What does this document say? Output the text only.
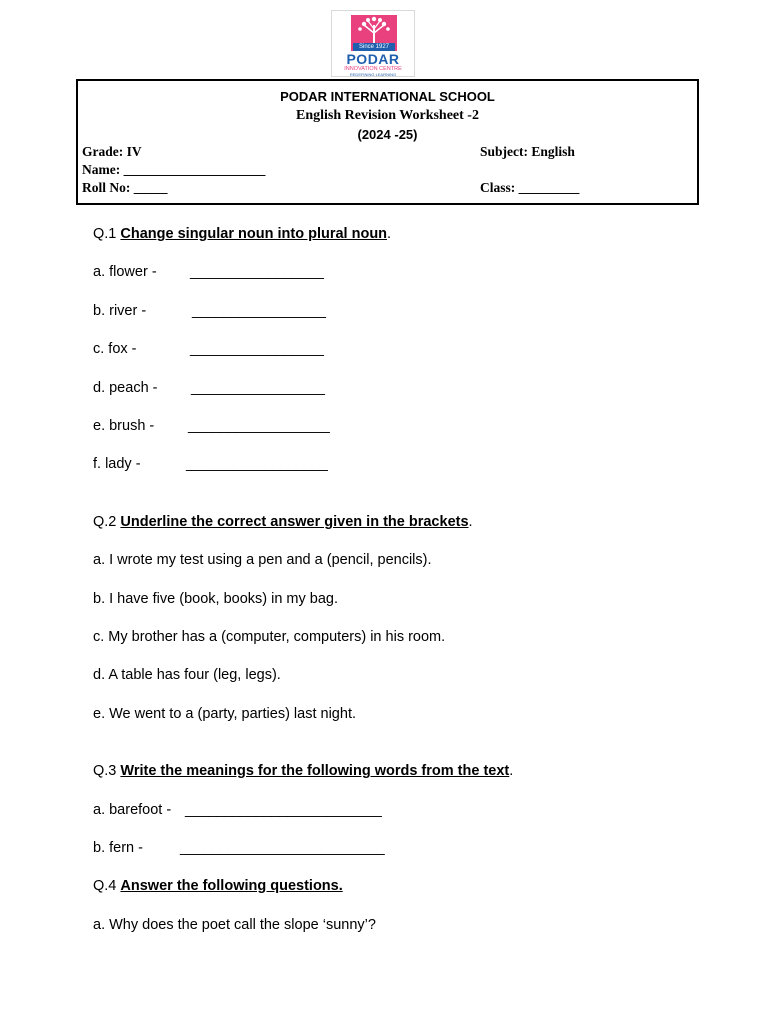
Since 1927
PODAR
INNOVATION CENTRE
REDEFINING LEARNING
PODAR INTERNATIONAL SCHOOL
English Revision Worksheet -2
(2024 -25)
Grade: IV	Subject: English
Name: _____________________
Roll No: _____	Class: _________
Q.1 Change singular noun into plural noun.
a. flower - _________________
b. river -	_________________
c. fox -	_________________
d. peach - _________________
e. brush - __________________
f. lady -	__________________
Q.2 Underline the correct answer given in the brackets.
a. I wrote my test using a pen and a (pencil, pencils).
b. I have five (book, books) in my bag.
c. My brother has a (computer, computers) in his room.
d. A table has four (leg, legs).
e. We went to a (party, parties) last night.
Q.3 Write the meanings for the following words from the text.
a. barefoot - _________________________
b. fern -	__________________________
Q.4 Answer the following questions.
a. Why does the poet call the slope ‘sunny’?
